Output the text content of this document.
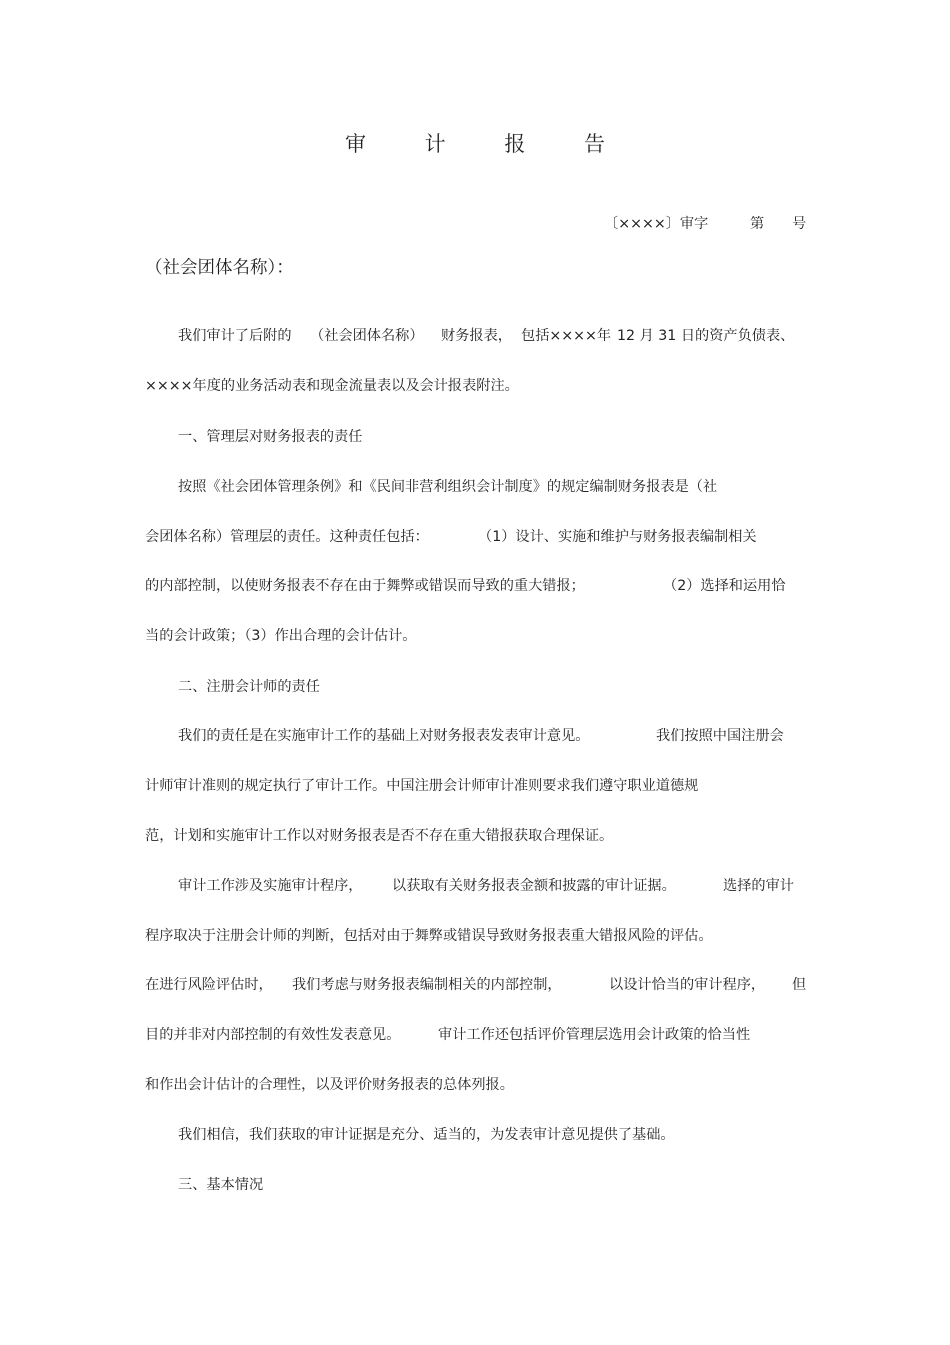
审 计 报 告
〔××××〕审字	第 号

（社会团体名称）：

我们审计了后附的 （社会团体名称） 财务报表， 包括××××年 12 月 31 日的资产负债表、

××××年度的业务活动表和现金流量表以及会计报表附注。

一、管理层对财务报表的责任

按照《社会团体管理条例》和《民间非营利组织会计制度》的规定编制财务报表是（社

会团体名称）管理层的责任。这种责任包括：	（1）设计、实施和维护与财务报表编制相关

的内部控制，以使财务报表不存在由于舞弊或错误而导致的重大错报；	（2）选择和运用恰

当的会计政策；（3）作出合理的会计估计。

二、注册会计师的责任

我们的责任是在实施审计工作的基础上对财务报表发表审计意见。	我们按照中国注册会

计师审计准则的规定执行了审计工作。中国注册会计师审计准则要求我们遵守职业道德规

范，计划和实施审计工作以对财务报表是否不存在重大错报获取合理保证。

审计工作涉及实施审计程序， 以获取有关财务报表金额和披露的审计证据。	选择的审计

程序取决于注册会计师的判断，包括对由于舞弊或错误导致财务报表重大错报风险的评估。

在进行风险评估时， 我们考虑与财务报表编制相关的内部控制，	以设计恰当的审计程序， 但

目的并非对内部控制的有效性发表意见。	审计工作还包括评价管理层选用会计政策的恰当性

和作出会计估计的合理性，以及评价财务报表的总体列报。

我们相信，我们获取的审计证据是充分、适当的，为发表审计意见提供了基础。

三、基本情况
